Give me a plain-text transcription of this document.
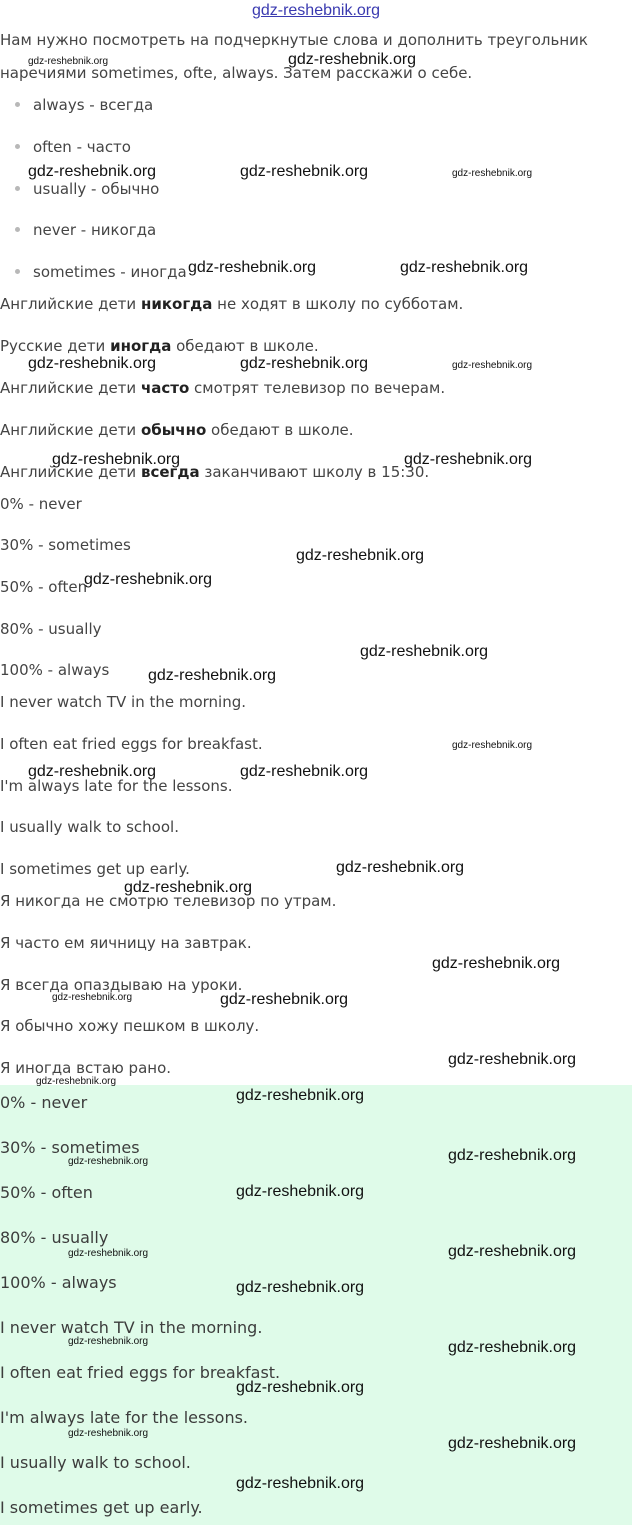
gdz-reshebnik.org
Нам нужно посмотреть на подчеркнутые слова и дополнить треугольник
наречиями sometimes, ofte, always. Затем расскажи о себе.
always - всегда
often - часто
usually - обычно
never - никогда
sometimes - иногда
Английские дети никогда не ходят в школу по субботам.
Русские дети иногда обедают в школе.
Английские дети часто смотрят телевизор по вечерам.
Английские дети обычно обедают в школе.
Английские дети всегда заканчивают школу в 15:30.
0% - never
30% - sometimes
50% - often
80% - usually
100% - always
I never watch TV in the morning.
I often eat fried eggs for breakfast.
I'm always late for the lessons.
I usually walk to school.
I sometimes get up early.
Я никогда не смотрю телевизор по утрам.
Я часто ем яичницу на завтрак.
Я всегда опаздываю на уроки.
Я обычно хожу пешком в школу.
Я иногда встаю рано.
0% - never
30% - sometimes
50% - often
80% - usually
100% - always
I never watch TV in the morning.
I often eat fried eggs for breakfast.
I'm always late for the lessons.
I usually walk to school.
I sometimes get up early.
gdz-reshebnik.org	gdz-reshebnik.org
gdz-reshebnik.org	gdz-reshebnik.org	gdz-reshebnik.org
gdz-reshebnik.org	gdz-reshebnik.org
gdz-reshebnik.org	gdz-reshebnik.org	gdz-reshebnik.org
gdz-reshebnik.org	gdz-reshebnik.org
gdz-reshebnik.org
gdz-reshebnik.org
gdz-reshebnik.org
gdz-reshebnik.org
gdz-reshebnik.org
gdz-reshebnik.org	gdz-reshebnik.org
gdz-reshebnik.org
gdz-reshebnik.org
gdz-reshebnik.org
gdz-reshebnik.org	gdz-reshebnik.org
gdz-reshebnik.org
gdz-reshebnik.org
gdz-reshebnik.org
gdz-reshebnik.org
gdz-reshebnik.org
gdz-reshebnik.org
gdz-reshebnik.org
gdz-reshebnik.org
gdz-reshebnik.org
gdz-reshebnik.org	gdz-reshebnik.org
gdz-reshebnik.org
gdz-reshebnik.org
gdz-reshebnik.org
gdz-reshebnik.org
